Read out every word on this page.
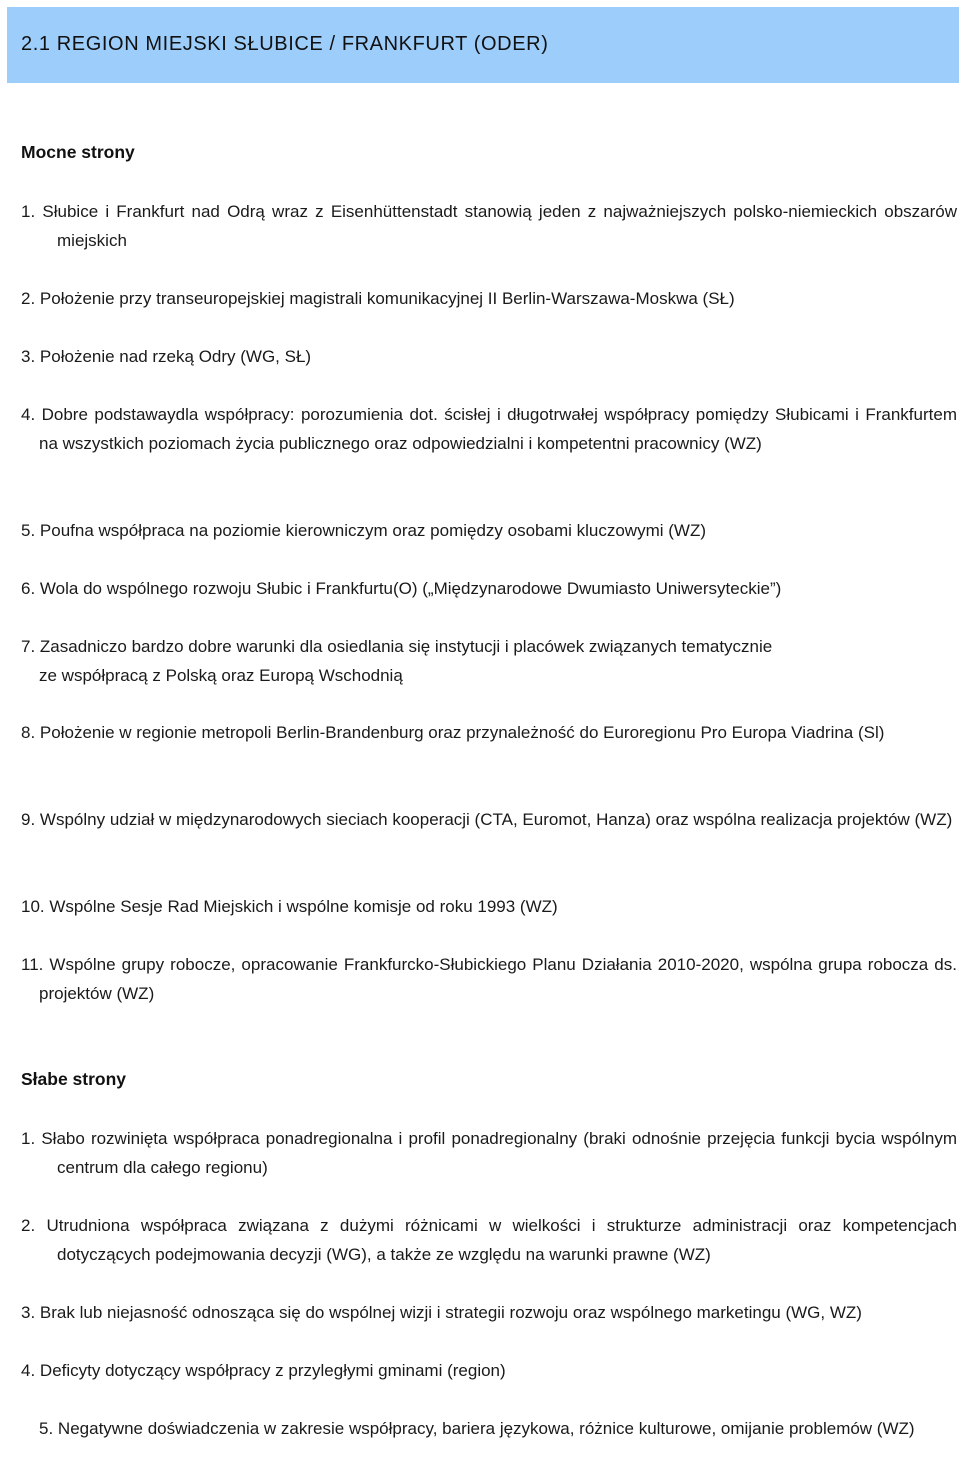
2.1 REGION MIEJSKI SŁUBICE / FRANKFURT (ODER)
Mocne strony

1. Słubice i Frankfurt nad Odrą wraz z Eisenhüttenstadt stanowią jeden z najważniejszych polsko-niemieckich obszarów miejskich

2. Położenie przy transeuropejskiej magistrali komunikacyjnej II Berlin-Warszawa-Moskwa (SŁ)

3. Położenie nad rzeką Odry (WG, SŁ)

4. Dobre podstawaydla współpracy: porozumienia dot. ścisłej i długotrwałej współpracy pomiędzy Słubicami i Frankfurtem na wszystkich poziomach życia publicznego oraz odpowiedzialni i kompetentni pracownicy (WZ)

5. Poufna współpraca na poziomie kierowniczym oraz pomiędzy osobami kluczowymi (WZ)

6. Wola do wspólnego rozwoju Słubic i Frankfurtu(O) („Międzynarodowe Dwumiasto Uniwersyteckie”)

7. Zasadniczo bardzo dobre warunki dla osiedlania się instytucji i placówek związanych tematycznie ze współpracą z Polską oraz Europą Wschodnią

8. Położenie w regionie metropoli Berlin-Brandenburg oraz przynależność do Euroregionu Pro Europa Viadrina (Sl)

9. Wspólny udział w międzynarodowych sieciach kooperacji (CTA, Euromot, Hanza) oraz wspólna realizacja projektów (WZ)

10. Wspólne Sesje Rad Miejskich i wspólne komisje od roku 1993 (WZ)

11. Wspólne grupy robocze, opracowanie Frankfurcko-Słubickiego Planu Działania 2010-2020, wspólna grupa robocza ds. projektów (WZ)

Słabe strony

1. Słabo rozwinięta współpraca ponadregionalna i profil ponadregionalny (braki odnośnie przejęcia funkcji bycia wspólnym centrum dla całego regionu)

2. Utrudniona współpraca związana z dużymi różnicami w wielkości i strukturze administracji oraz kompetencjach dotyczących podejmowania decyzji (WG), a także ze względu na warunki prawne (WZ)

3. Brak lub niejasność odnosząca się do wspólnej wizji i strategii rozwoju oraz wspólnego marketingu (WG, WZ)

4. Deficyty dotyczący współpracy z przyległymi gminami (region)

5. Negatywne doświadczenia w zakresie współpracy, bariera językowa, różnice kulturowe, omijanie problemów (WZ)
